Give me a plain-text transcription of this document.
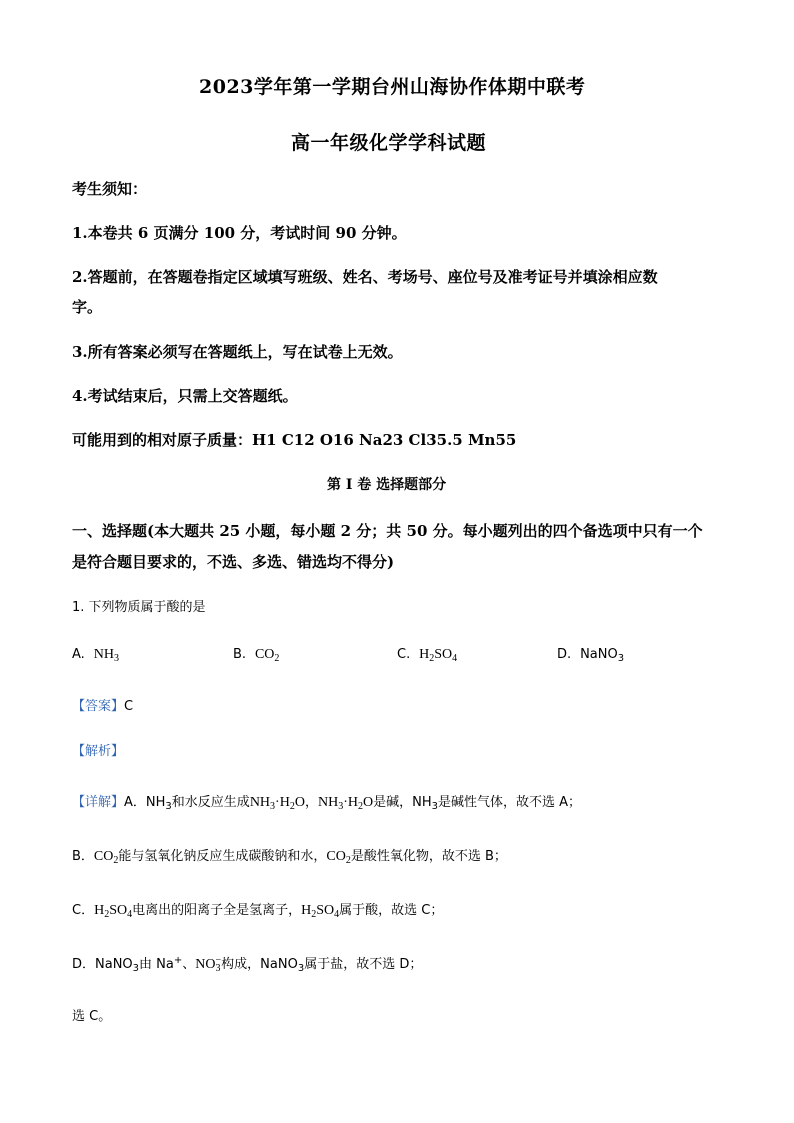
2023学年第一学期台州山海协作体期中联考
高一年级化学学科试题
考生须知：
1.本卷共 6 页满分 100 分，考试时间 90 分钟。
2.答题前，在答题卷指定区域填写班级、姓名、考场号、座位号及准考证号并填涂相应数
字。
3.所有答案必须写在答题纸上，写在试卷上无效。
4.考试结束后，只需上交答题纸。
可能用到的相对原子质量：H1 C12 O16 Na23 Cl35.5 Mn55
第 I 卷 选择题部分
一、选择题(本大题共 25 小题，每小题 2 分；共 50 分。每小题列出的四个备选项中只有一个
是符合题目要求的，不选、多选、错选均不得分)
1. 下列物质属于酸的是
A. $NH_3$	B. $CO_2$	C. $H_2SO_4$	D. NaNO$_3$
【答案】C
【解析】
【详解】A．$NH_3$和水反应生成$NH_3\cdot H_2O$，$NH_3\cdot H_2O$是碱，$NH_3$是碱性气体，故不选 A；
B．$CO_2$能与氢氧化钠反应生成碳酸钠和水，$CO_2$是酸性氧化物，故不选 B；
C．$H_2SO_4$电离出的阳离子全是氢离子，$H_2SO_4$属于酸，故选 C；
D．NaNO$_3$由 Na+、$NO_3^-$构成，NaNO$_3$属于盐，故不选 D；
选 C。
